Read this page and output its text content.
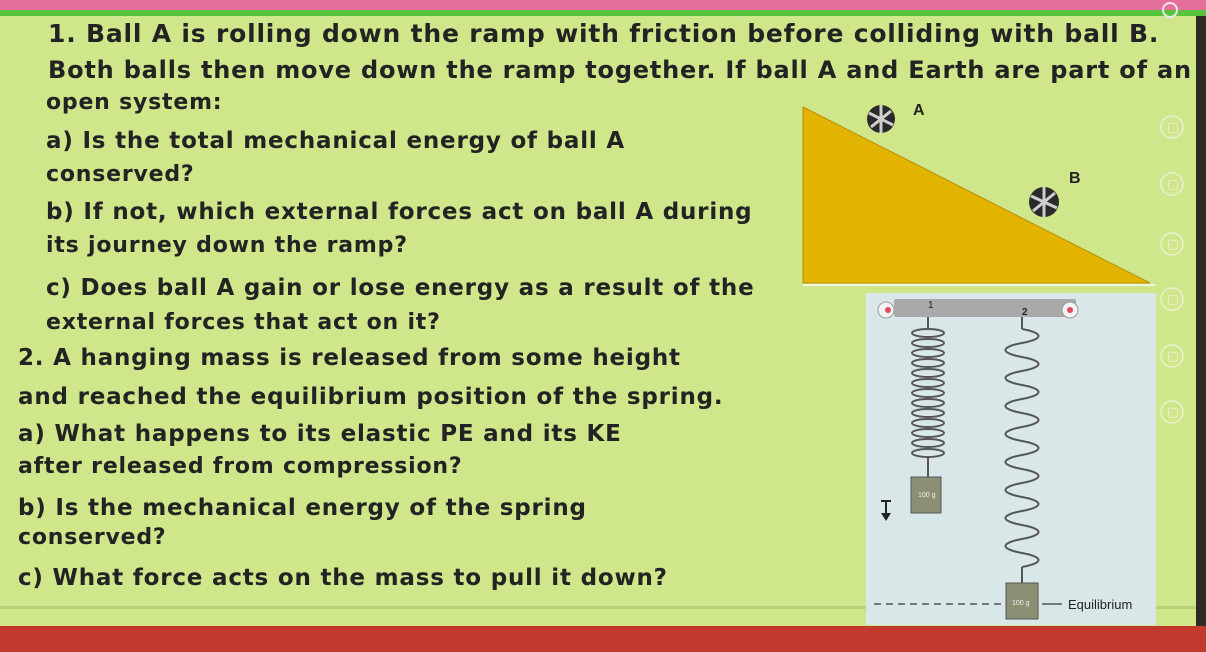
1. Ball A is rolling down the ramp with friction before colliding with ball B.
Both balls then move down the ramp together. If ball A and Earth are part of an
open system:
a) Is the total mechanical energy of ball A
conserved?
b) If not, which external forces act on ball A during
its journey down the ramp?
c) Does ball A gain or lose energy as a result of the
external forces that act on it?
2. A hanging mass is released from some height
and reached the equilibrium position of the spring.
a) What happens to its elastic PE and its KE
after released from compression?
b) Is the mechanical energy of the spring
conserved?
c) What force acts on the mass to pull it down?
A
B
1
2
100 g
100 g	Equilibrium
